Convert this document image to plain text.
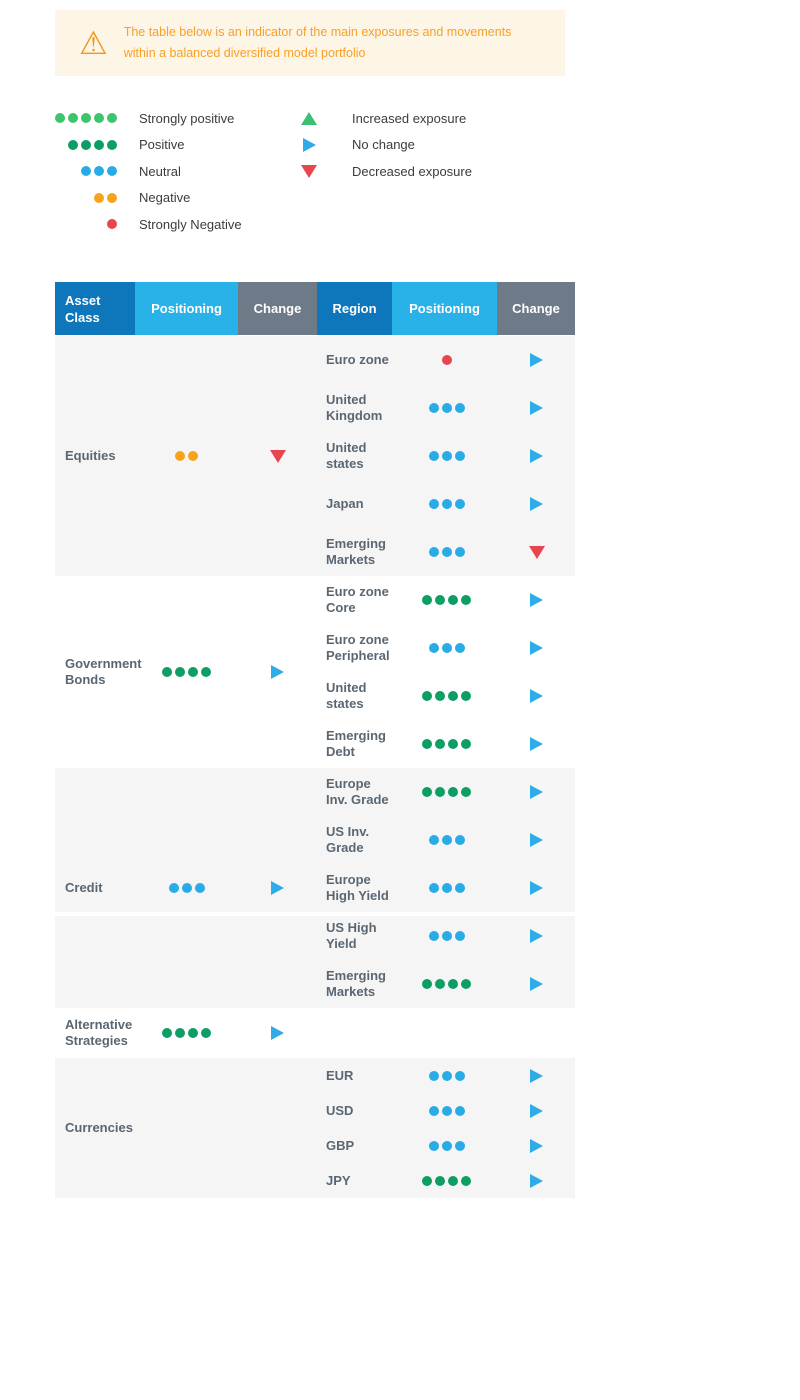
⚠ The table below is an indicator of the main exposures and movements within a balanced diversified model portfolio
Strongly positive
Positive
Neutral
Negative
Strongly Negative
Increased exposure
No change
Decreased exposure
Asset Class
Positioning Change Region	Positioning Change
Equities
Euro zone
United Kingdom
United states
Japan
Emerging Markets
Government Bonds
Euro zone Core
Euro zone Peripheral
United states
Emerging Debt
Credit
Europe Inv. Grade
US Inv. Grade
Europe High Yield
US High Yield
Emerging Markets
Alternative Strategies
Currencies
EUR
USD
GBP
JPY
